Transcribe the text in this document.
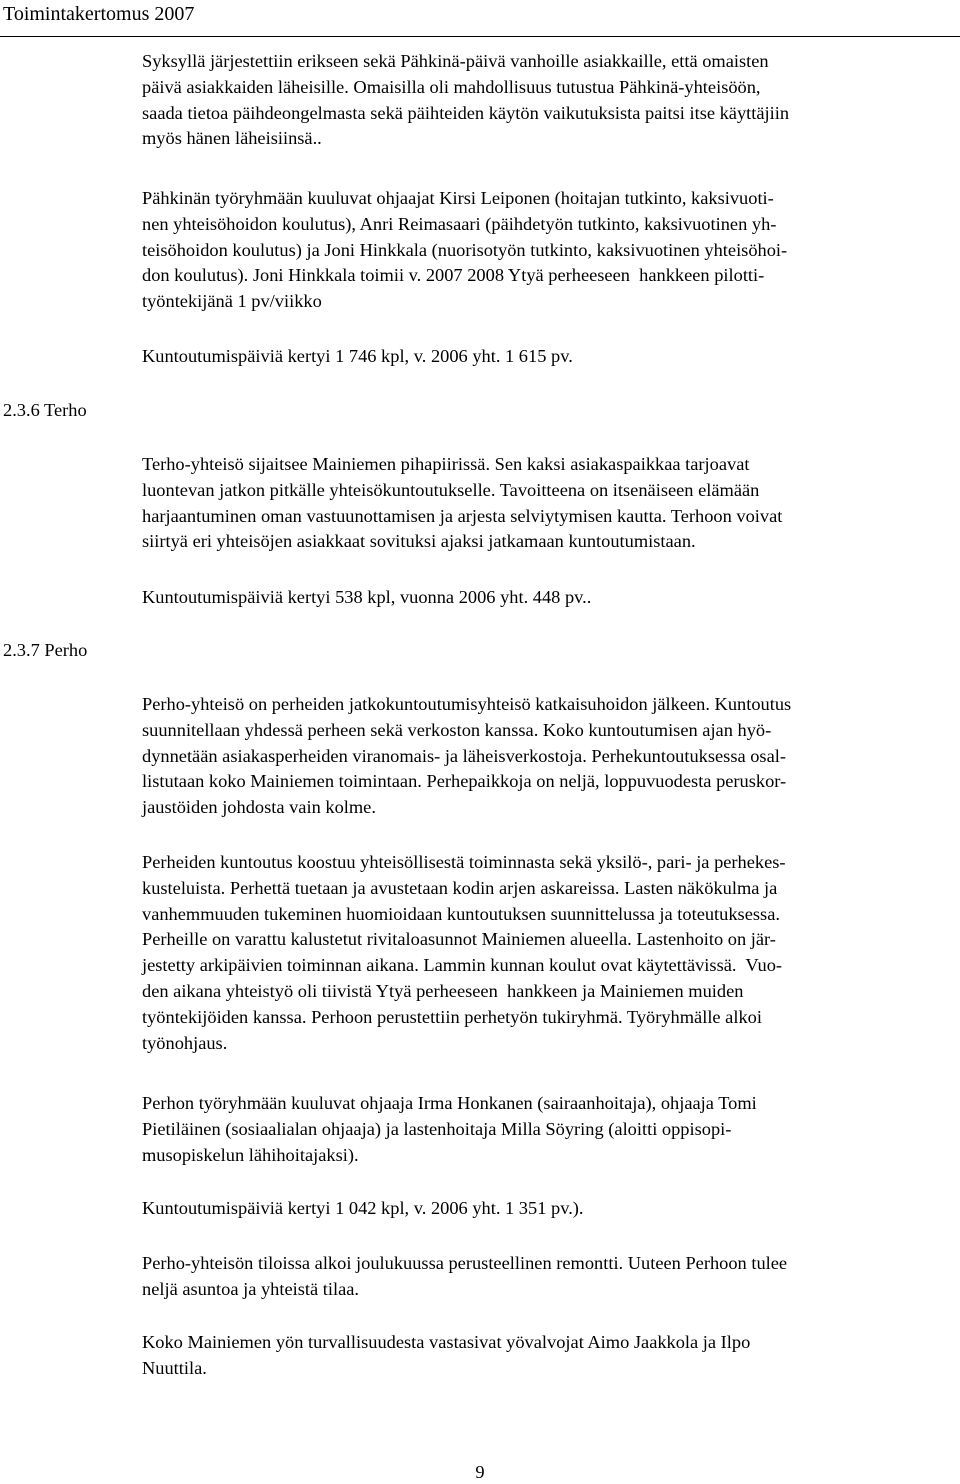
Toimintakertomus 2007
2.3.6 Terho
2.3.7 Perho

Syksyllä järjestettiin erikseen sekä Pähkinä-päivä vanhoille asiakkaille, että omaisten
päivä asiakkaiden läheisille. Omaisilla oli mahdollisuus tutustua Pähkinä-yhteisöön,
saada tietoa päihdeongelmasta sekä päihteiden käytön vaikutuksista paitsi itse käyttäjiin
myös hänen läheisiinsä..

Pähkinän työryhmään kuuluvat ohjaajat Kirsi Leiponen (hoitajan tutkinto, kaksivuoti-
nen yhteisöhoidon koulutus), Anri Reimasaari (päihdetyön tutkinto, kaksivuotinen yh-
teisöhoidon koulutus) ja Joni Hinkkala (nuorisotyön tutkinto, kaksivuotinen yhteisöhoi-
don koulutus). Joni Hinkkala toimii v. 2007 2008 Ytyä perheeseen  hankkeen pilotti-
työntekijänä 1 pv/viikko

Kuntoutumispäiviä kertyi 1 746 kpl, v. 2006 yht. 1 615 pv.

Terho-yhteisö sijaitsee Mainiemen pihapiirissä. Sen kaksi asiakaspaikkaa tarjoavat
luontevan jatkon pitkälle yhteisökuntoutukselle. Tavoitteena on itsenäiseen elämään
harjaantuminen oman vastuunottamisen ja arjesta selviytymisen kautta. Terhoon voivat
siirtyä eri yhteisöjen asiakkaat sovituksi ajaksi jatkamaan kuntoutumistaan.

Kuntoutumispäiviä kertyi 538 kpl, vuonna 2006 yht. 448 pv..

Perho-yhteisö on perheiden jatkokuntoutumisyhteisö katkaisuhoidon jälkeen. Kuntoutus
suunnitellaan yhdessä perheen sekä verkoston kanssa. Koko kuntoutumisen ajan hyö-
dynnetään asiakasperheiden viranomais- ja läheisverkostoja. Perhekuntoutuksessa osal-
listutaan koko Mainiemen toimintaan. Perhepaikkoja on neljä, loppuvuodesta peruskor-
jaustöiden johdosta vain kolme.

Perheiden kuntoutus koostuu yhteisöllisestä toiminnasta sekä yksilö-, pari- ja perhekes-
kusteluista. Perhettä tuetaan ja avustetaan kodin arjen askareissa. Lasten näkökulma ja
vanhemmuuden tukeminen huomioidaan kuntoutuksen suunnittelussa ja toteutuksessa.
Perheille on varattu kalustetut rivitaloasunnot Mainiemen alueella. Lastenhoito on jär-
jestetty arkipäivien toiminnan aikana. Lammin kunnan koulut ovat käytettävissä.  Vuo-
den aikana yhteistyö oli tiivistä Ytyä perheeseen  hankkeen ja Mainiemen muiden
työntekijöiden kanssa. Perhoon perustettiin perhetyön tukiryhmä. Työryhmälle alkoi
työnohjaus.

Perhon työryhmään kuuluvat ohjaaja Irma Honkanen (sairaanhoitaja), ohjaaja Tomi
Pietiläinen (sosiaalialan ohjaaja) ja lastenhoitaja Milla Söyring (aloitti oppisopi-
musopiskelun lähihoitajaksi).

Kuntoutumispäiviä kertyi 1 042 kpl, v. 2006 yht. 1 351 pv.).

Perho-yhteisön tiloissa alkoi joulukuussa perusteellinen remontti. Uuteen Perhoon tulee
neljä asuntoa ja yhteistä tilaa.

Koko Mainiemen yön turvallisuudesta vastasivat yövalvojat Aimo Jaakkola ja Ilpo
Nuuttila.

9
